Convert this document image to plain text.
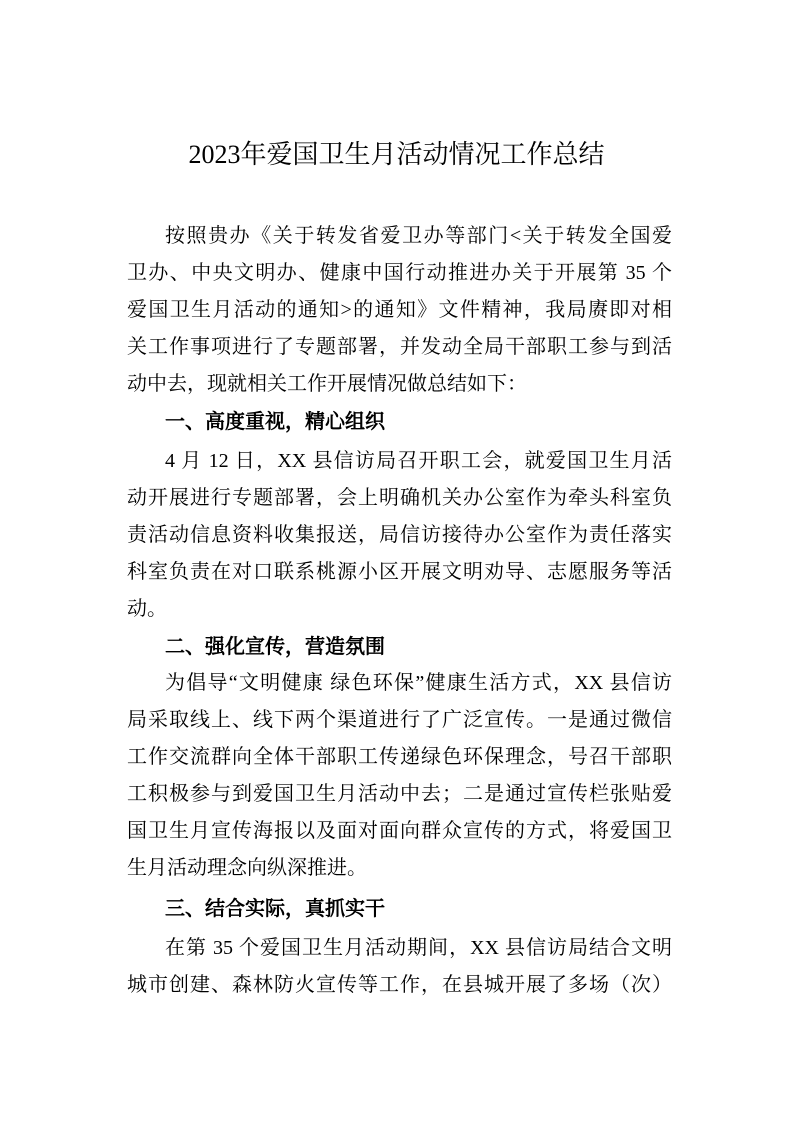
2023年爱国卫生月活动情况工作总结
按照贵办《关于转发省爱卫办等部门<关于转发全国爱
卫办、中央文明办、健康中国行动推进办关于开展第 35 个
爱国卫生月活动的通知>的通知》文件精神，我局赓即对相
关工作事项进行了专题部署，并发动全局干部职工参与到活
动中去，现就相关工作开展情况做总结如下：
一、高度重视，精心组织
4 月 12 日，XX 县信访局召开职工会，就爱国卫生月活
动开展进行专题部署，会上明确机关办公室作为牵头科室负
责活动信息资料收集报送，局信访接待办公室作为责任落实
科室负责在对口联系桃源小区开展文明劝导、志愿服务等活
动。
二、强化宣传，营造氛围
为倡导“文明健康 绿色环保”健康生活方式，XX 县信访
局采取线上、线下两个渠道进行了广泛宣传。一是通过微信
工作交流群向全体干部职工传递绿色环保理念，号召干部职
工积极参与到爱国卫生月活动中去；二是通过宣传栏张贴爱
国卫生月宣传海报以及面对面向群众宣传的方式，将爱国卫
生月活动理念向纵深推进。
三、结合实际，真抓实干
在第 35 个爱国卫生月活动期间，XX 县信访局结合文明
城市创建、森林防火宣传等工作，在县城开展了多场（次）
